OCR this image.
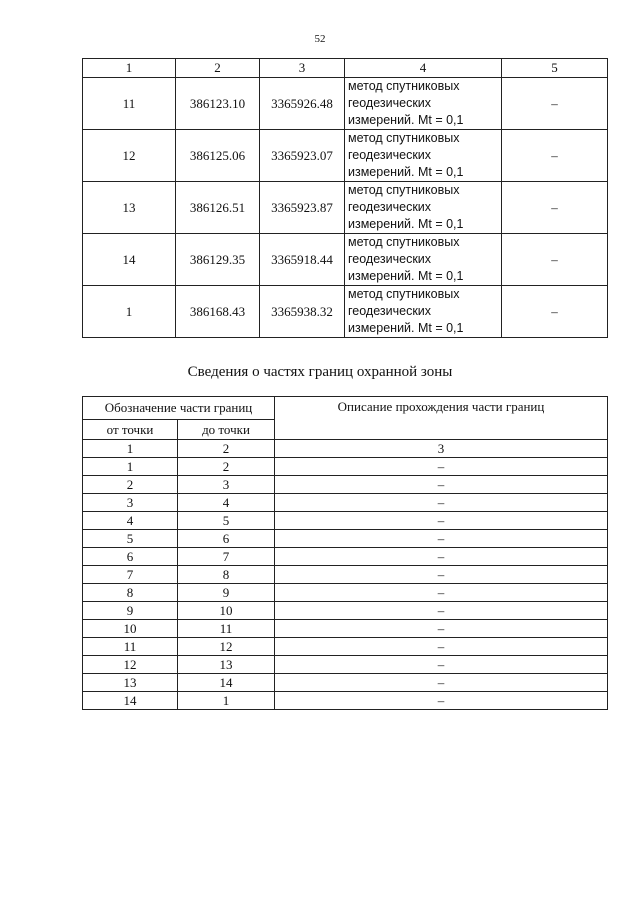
52
1	2	3	4	5
11	386123.10	3365926.48	метод спутниковых
геодезических
измерений. Mt = 0,1	–
12	386125.06	3365923.07	метод спутниковых
геодезических
измерений. Mt = 0,1	–
13	386126.51	3365923.87	метод спутниковых
геодезических
измерений. Mt = 0,1	–
14	386129.35	3365918.44	метод спутниковых
геодезических
измерений. Mt = 0,1	–
1	386168.43	3365938.32	метод спутниковых
геодезических
измерений. Mt = 0,1	–
Сведения о частях границ охранной зоны
Обозначение части границ		Описание прохождения части границ
от точки	до точки	
1	2	3
1	2	–
2	3	–
3	4	–
4	5	–
5	6	–
6	7	–
7	8	–
8	9	–
9	10	–
10	11	–
11	12	–
12	13	–
13	14	–
14	1	–
